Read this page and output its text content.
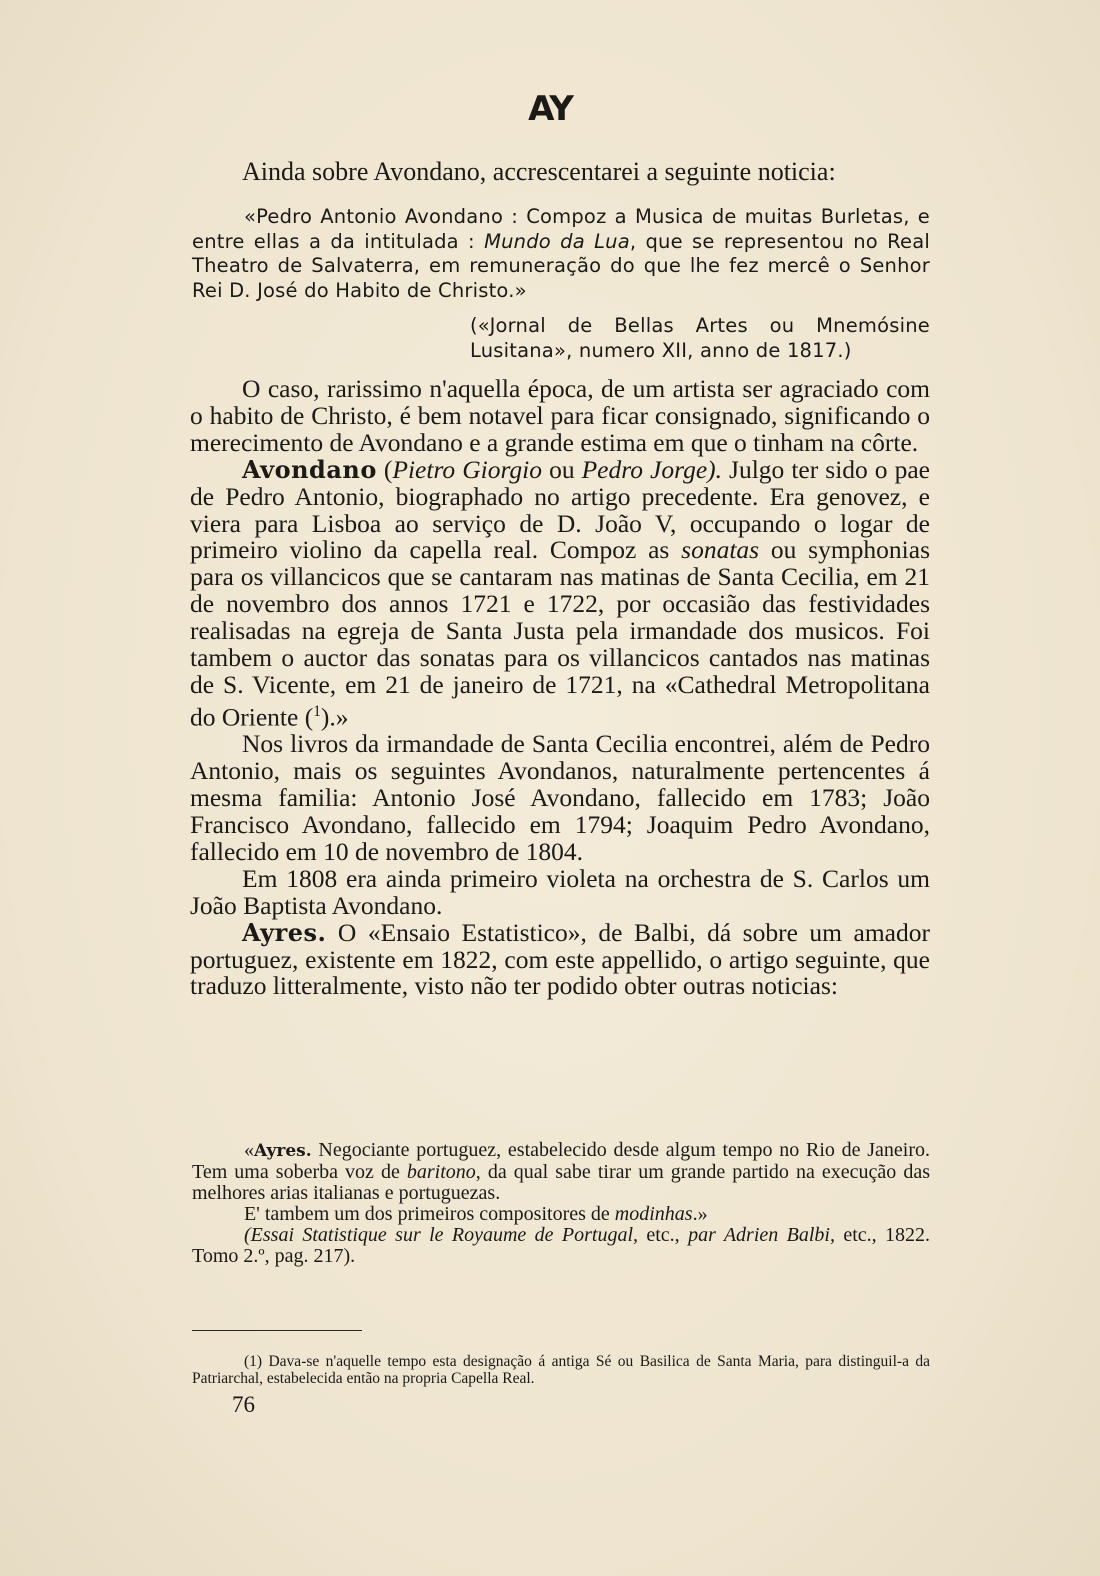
AY
Ainda sobre Avondano, accrescentarei a seguinte noticia:

«Pedro Antonio Avondano : Compoz a Musica de muitas Burletas, e entre ellas a da intitulada : Mundo da Lua, que se representou no Real Theatro de Salvaterra, em remuneração do que lhe fez mercê o Senhor Rei D. José do Habito de Christo.»

(«Jornal de Bellas Artes ou Mnemósine Lusitana», numero XII, anno de 1817.)

O caso, rarissimo n'aquella época, de um artista ser agraciado com o habito de Christo, é bem notavel para ficar consignado, significando o merecimento de Avondano e a grande estima em que o tinham na côrte.

Avondano (Pietro Giorgio ou Pedro Jorge). Julgo ter sido o pae de Pedro Antonio, biographado no artigo precedente. Era genovez, e viera para Lisboa ao serviço de D. João V, occupando o logar de primeiro violino da capella real. Compoz as sonatas ou symphonias para os villancicos que se cantaram nas matinas de Santa Cecilia, em 21 de novembro dos annos 1721 e 1722, por occasião das festividades realisadas na egreja de Santa Justa pela irmandade dos musicos. Foi tambem o auctor das sonatas para os villancicos cantados nas matinas de S. Vicente, em 21 de janeiro de 1721, na «Cathedral Metropolitana do Oriente ($^1$).»

Nos livros da irmandade de Santa Cecilia encontrei, além de Pedro Antonio, mais os seguintes Avondanos, naturalmente pertencentes á mesma familia: Antonio José Avondano, fallecido em 1783; João Francisco Avondano, fallecido em 1794; Joaquim Pedro Avondano, fallecido em 10 de novembro de 1804.

Em 1808 era ainda primeiro violeta na orchestra de S. Carlos um João Baptista Avondano.

Ayres. O «Ensaio Estatistico», de Balbi, dá sobre um amador portuguez, existente em 1822, com este appellido, o artigo seguinte, que traduzo litteralmente, visto não ter podido obter outras noticias:

«Ayres. Negociante portuguez, estabelecido desde algum tempo no Rio de Janeiro. Tem uma soberba voz de baritono, da qual sabe tirar um grande partido na execução das melhores arias italianas e portuguezas.

E' tambem um dos primeiros compositores de modinhas.»

(Essai Statistique sur le Royaume de Portugal, etc., par Adrien Balbi, etc., 1822. Tomo 2.º, pag. 217).

(1) Dava-se n'aquelle tempo esta designação á antiga Sé ou Basilica de Santa Maria, para distinguil-a da Patriarchal, estabelecida então na propria Capella Real.
76
